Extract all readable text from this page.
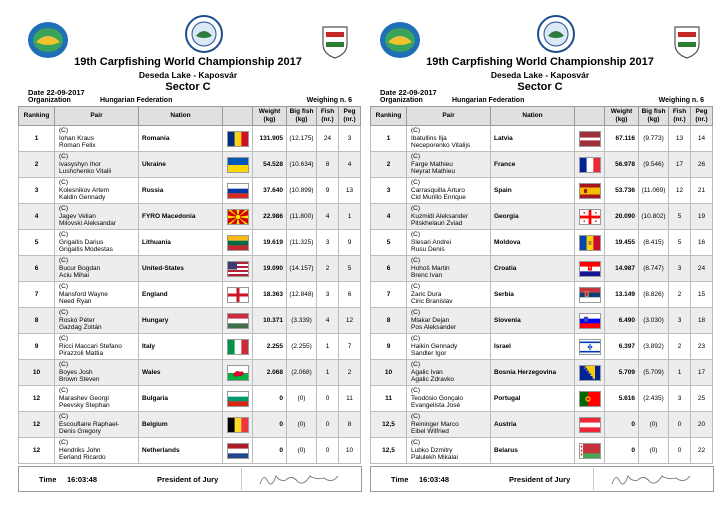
19th Carpfishing World Championship 2017
Deseda Lake - Kaposvár
Sector C
Date 22-09-2017
Organization	Hungarian Federation	Weighing n. 6
Ranking	Pair	Nation		Weight (kg)	Big fish (kg)	Fish (nr.)	Peg (nr.)
1	(C)
Iohan Kraus
Roman Felix	Romania		131.905	(12.175)	24	3
2	(C)
Ivasyshyn Ihor
Lushchenko Vitalii	Ukraine		54.528	(10.634)	8	4
3	(C)
Kolesnikov Artem
Kaldin Gennady	Russia		37.640	(10.899)	9	13
4	(C)
Jagev Velian
Milovski Aleksandar	FYRO Macedonia		22.986	(11.800)	4	1
5	(C)
Grigaitis Darius
Grigaitis Modestas	Lithuania		19.619	(11.325)	3	9
6	(C)
Bucur Bogdan
Aciu Mihai	United-States		19.090	(14.157)	2	5
7	(C)
Mansford Wayne
Need Ryan	England		18.363	(12.848)	3	6
8	(C)
Roskó Péter
Gazdag Zoltán	Hungary		10.371	(3.339)	4	12
9	(C)
Ricci Maccari Stefano
Pirazzoli Mattia	Italy		2.255	(2.255)	1	7
10	(C)
Boyes Josh
Brown Steven	Wales		2.068	(2.068)	1	2
12	(C)
Marashev Georgi
Peevsky Stephan	Bulgaria		0	(0)	0	11
12	(C)
Escouflaire Raphael-
Denis Gregory	Belgium		0	(0)	0	8
12	(C)
Hendriks John
Eerland Ricardo	Netherlands		0	(0)	0	10
Time 16:03:48	President of Jury
19th Carpfishing World Championship 2017
Deseda Lake - Kaposvár
Sector C
Date 22-09-2017
Organization	Hungarian Federation	Weighing n. 6
Ranking	Pair	Nation		Weight (kg)	Big fish (kg)	Fish (nr.)	Peg (nr.)
1	(C)
Ibatullins Ilja
Neceporenko Vitalijs	Latvia		67.116	(9.773)	13	14
2	(C)
Farge Mathieu
Neyrat Mathieu	France		56.978	(9.546)	17	26
3	(C)
Carrasquilla Arturo
Cid Murillo Enrique	Spain		53.736	(11.069)	12	21
4	(C)
Kuzmidi Aleksander
Pitskhelauri Zviad	Georgia		20.090	(10.802)	5	19
5	(C)
Slesari Andrei
Rusu Denis	Moldova		19.455	(8.415)	5	16
6	(C)
Hohoš Martin
Brenc Ivan	Croatia		14.987	(8.747)	3	24
7	(C)
Zaric Dura
Ciric Branislav	Serbia		13.149	(8.826)	2	15
8	(C)
Mlakar Dejan
Pos Aleksander	Slovenia		6.490	(3.030)	3	18
9	(C)
Haikin Gennady
Sandler Igor	Israel		6.397	(3.892)	2	23
10	(C)
Agalic Ivan
Agalic Zdravko	Bosnia Herzegovina		5.709	(5.709)	1	17
11	(C)
Teodósio Gonçalo
Evangelista José	Portugal		5.616	(2.435)	3	25
12,5	(C)
Reininger Marco
Eibel Wilfried	Austria		0	(0)	0	20
12,5	(C)
Lubko Dzmitry
Palulekh Mikalai	Belarus		0	(0)	0	22
Time 16:03:48	President of Jury
